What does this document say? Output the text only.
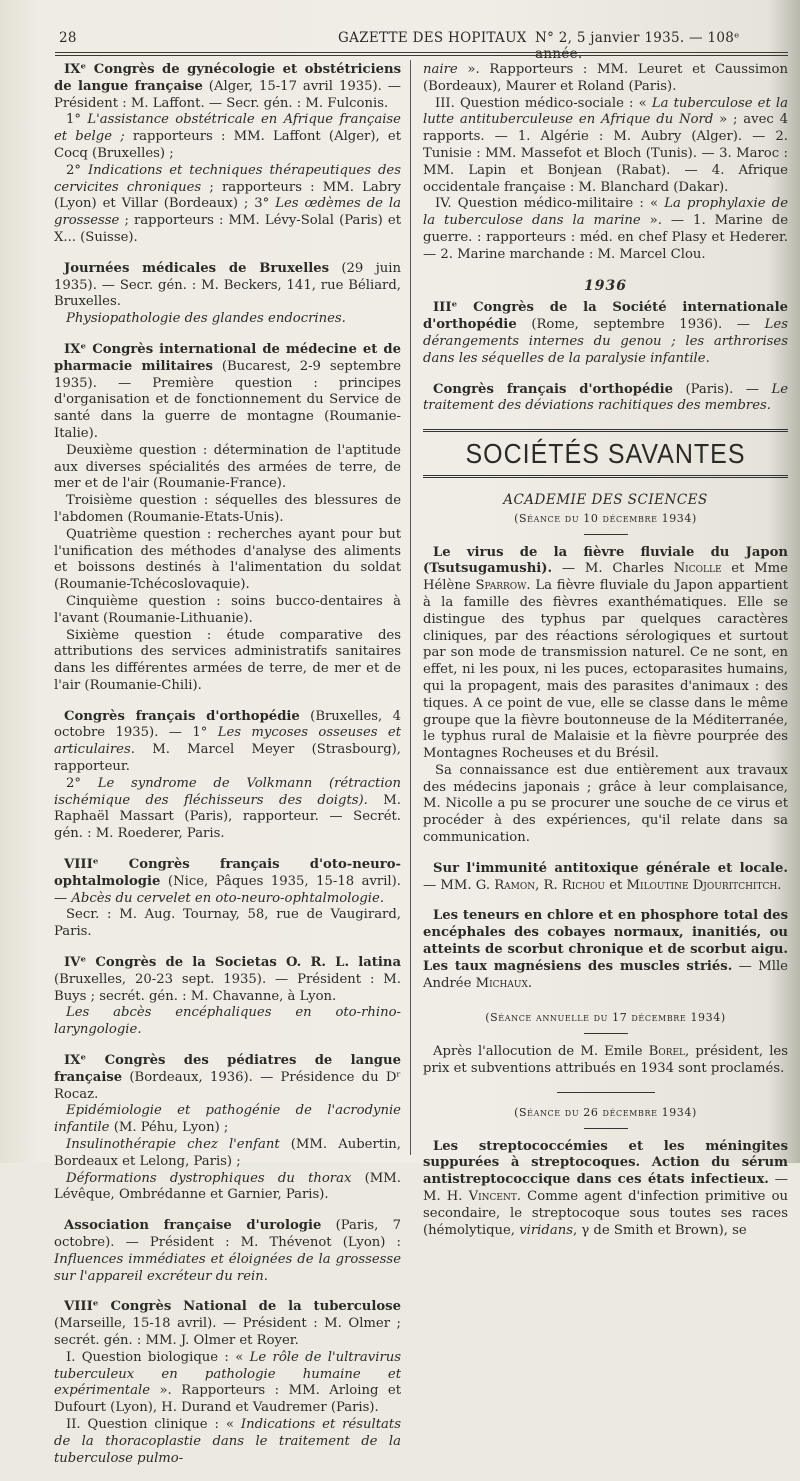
28	GAZETTE DES HOPITAUX N° 2, 5 janvier 1935. — 108ᵉ année.

IXᵉ Congrès de gynécologie et obstétriciens de langue française (Alger, 15-17 avril 1935). — Président : M. Laffont. — Secr. gén. : M. Fulconis.

1° L'assistance obstétricale en Afrique française et belge ; rapporteurs : MM. Laffont (Alger), et Cocq (Bruxelles) ;

2° Indications et techniques thérapeutiques des cervicites chroniques ; rapporteurs : MM. Labry (Lyon) et Villar (Bordeaux) ; 3° Les œdèmes de la grossesse ; rapporteurs : MM. Lévy-Solal (Paris) et X... (Suisse).

Journées médicales de Bruxelles (29 juin 1935). — Secr. gén. : M. Beckers, 141, rue Béliard, Bruxelles.

Physiopathologie des glandes endocrines.

IXᵉ Congrès international de médecine et de pharmacie militaires (Bucarest, 2-9 septembre 1935). — Première question : principes d'organisation et de fonctionnement du Service de santé dans la guerre de montagne (Roumanie-Italie).

Deuxième question : détermination de l'aptitude aux diverses spécialités des armées de terre, de mer et de l'air (Roumanie-France).

Troisième question : séquelles des blessures de l'abdomen (Roumanie-Etats-Unis).

Quatrième question : recherches ayant pour but l'unification des méthodes d'analyse des aliments et boissons destinés à l'alimentation du soldat (Roumanie-Tchécoslovaquie).

Cinquième question : soins bucco-dentaires à l'avant (Roumanie-Lithuanie).

Sixième question : étude comparative des attributions des services administratifs sanitaires dans les différentes armées de terre, de mer et de l'air (Roumanie-Chili).

Congrès français d'orthopédie (Bruxelles, 4 octobre 1935). — 1° Les mycoses osseuses et articulaires. M. Marcel Meyer (Strasbourg), rapporteur.

2° Le syndrome de Volkmann (rétraction ischémique des fléchisseurs des doigts). M. Raphaël Massart (Paris), rapporteur. — Secrét. gén. : M. Roederer, Paris.

VIIIᵉ Congrès français d'oto-neuro-ophtalmologie (Nice, Pâques 1935, 15-18 avril). — Abcès du cervelet en oto-neuro-ophtalmologie.

Secr. : M. Aug. Tournay, 58, rue de Vaugirard, Paris.

IVᵉ Congrès de la Societas O. R. L. latina (Bruxelles, 20-23 sept. 1935). — Président : M. Buys ; secrét. gén. : M. Chavanne, à Lyon.

Les abcès encéphaliques en oto-rhino-laryngologie.

IXᵉ Congrès des pédiatres de langue française (Bordeaux, 1936). — Présidence du Dʳ Rocaz.

Epidémiologie et pathogénie de l'acrodynie infantile (M. Péhu, Lyon) ;

Insulinothérapie chez l'enfant (MM. Aubertin, Bordeaux et Lelong, Paris) ;

Déformations dystrophiques du thorax (MM. Lévêque, Ombrédanne et Garnier, Paris).

Association française d'urologie (Paris, 7 octobre). — Président : M. Thévenot (Lyon) : Influences immédiates et éloignées de la grossesse sur l'appareil excréteur du rein.

VIIIᵉ Congrès National de la tuberculose (Marseille, 15-18 avril). — Président : M. Olmer ; secrét. gén. : MM. J. Olmer et Royer.

I. Question biologique : « Le rôle de l'ultravirus tuberculeux en pathologie humaine et expérimentale ». Rapporteurs : MM. Arloing et Dufourt (Lyon), H. Durand et Vaudremer (Paris).

II. Question clinique : « Indications et résultats de la thoracoplastie dans le traitement de la tuberculose pulmo-

naire ». Rapporteurs : MM. Leuret et Caussimon (Bordeaux), Maurer et Roland (Paris).

III. Question médico-sociale : « La tuberculose et la lutte antituberculeuse en Afrique du Nord » ; avec 4 rapports. — 1. Algérie : M. Aubry (Alger). — 2. Tunisie : MM. Massefot et Bloch (Tunis). — 3. Maroc : MM. Lapin et Bonjean (Rabat). — 4. Afrique occidentale française : M. Blanchard (Dakar).

IV. Question médico-militaire : « La prophylaxie de la tuberculose dans la marine ». — 1. Marine de guerre. : rapporteurs : méd. en chef Plasy et Hederer. — 2. Marine marchande : M. Marcel Clou.

1936

IIIᵉ Congrès de la Société internationale d'orthopédie (Rome, septembre 1936). — Les dérangements internes du genou ; les arthrorises dans les séquelles de la paralysie infantile.

Congrès français d'orthopédie (Paris). — Le traitement des déviations rachitiques des membres.

SOCIÉTÉS SAVANTES
ACADEMIE DES SCIENCES
(Séance du 10 décembre 1934)

Le virus de la fièvre fluviale du Japon (Tsutsugamushi). — M. Charles Nicolle et Mme Hélène Sparrow. La fièvre fluviale du Japon appartient à la famille des fièvres exanthématiques. Elle se distingue des typhus par quelques caractères cliniques, par des réactions sérologiques et surtout par son mode de transmission naturel. Ce ne sont, en effet, ni les poux, ni les puces, ectoparasites humains, qui la propagent, mais des parasites d'animaux : des tiques. A ce point de vue, elle se classe dans le même groupe que la fièvre boutonneuse de la Méditerranée, le typhus rural de Malaisie et la fièvre pourprée des Montagnes Rocheuses et du Brésil.

Sa connaissance est due entièrement aux travaux des médecins japonais ; grâce à leur complaisance, M. Nicolle a pu se procurer une souche de ce virus et procéder à des expériences, qu'il relate dans sa communication.

Sur l'immunité antitoxique générale et locale. — MM. G. Ramon, R. Richou et Miloutine Djouritchitch.

Les teneurs en chlore et en phosphore total des encéphales des cobayes normaux, inanitiés, ou atteints de scorbut chronique et de scorbut aigu. Les taux magnésiens des muscles striés. — Mlle Andrée Michaux.

(Séance annuelle du 17 décembre 1934)

Après l'allocution de M. Emile Borel, président, les prix et subventions attribués en 1934 sont proclamés.

(Séance du 26 décembre 1934)

Les streptococcémies et les méningites suppurées à streptocoques. Action du sérum antistreptococcique dans ces états infectieux. — M. H. Vincent. Comme agent d'infection primitive ou secondaire, le streptocoque sous toutes ses races (hémolytique, viridans, γ de Smith et Brown), se
